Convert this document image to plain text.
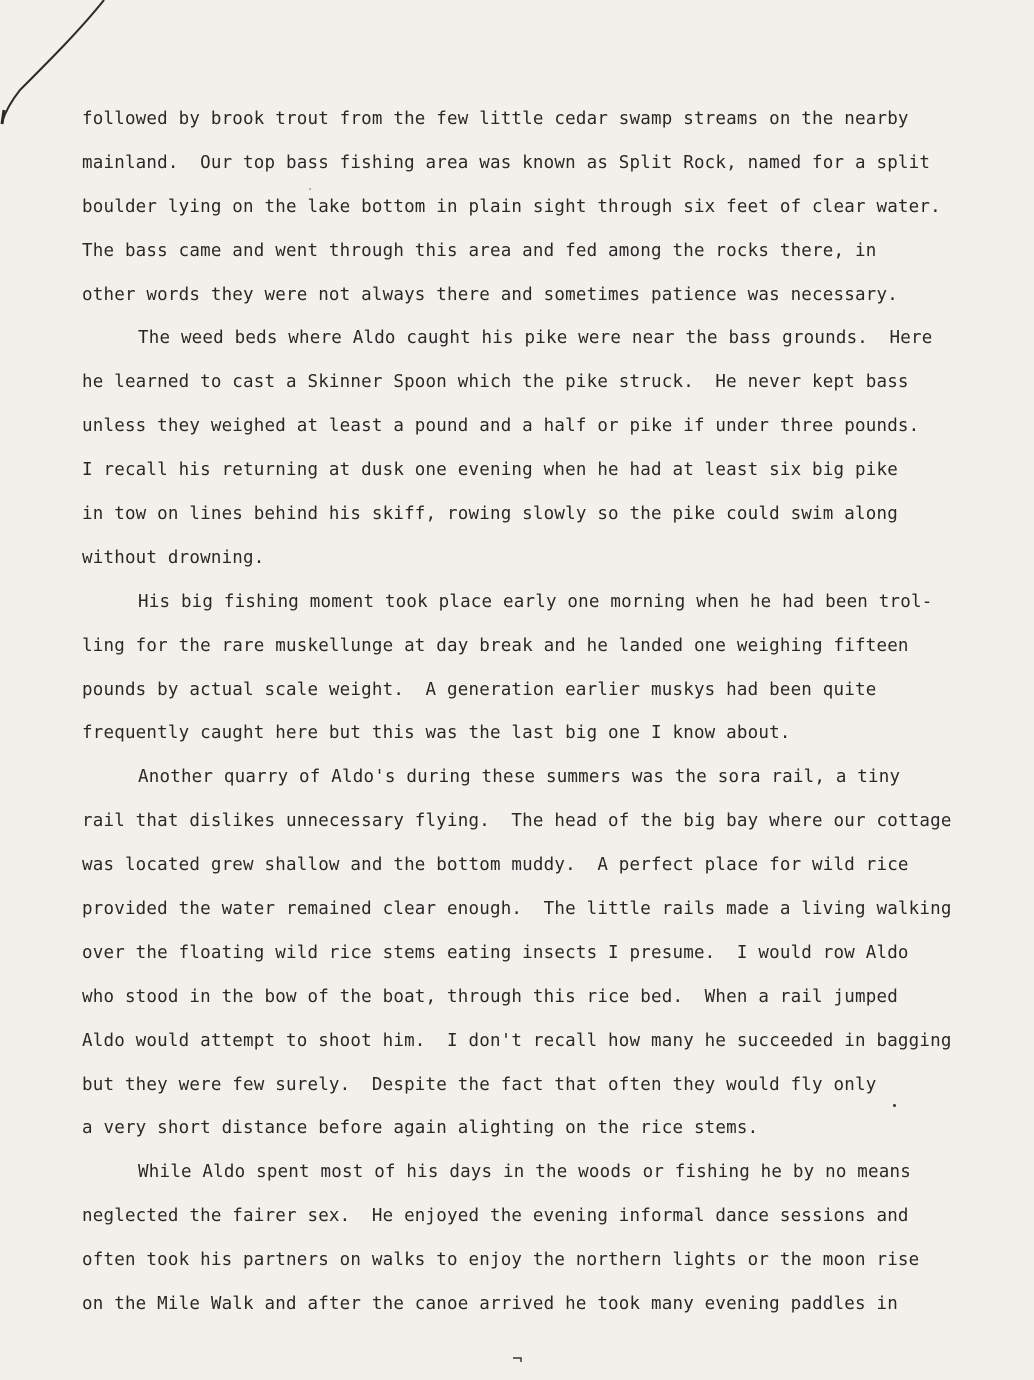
followed by brook trout from the few little cedar swamp streams on the nearby
mainland.  Our top bass fishing area was known as Split Rock, named for a split
boulder lying on the lake bottom in plain sight through six feet of clear water.
The bass came and went through this area and fed among the rocks there, in
other words they were not always there and sometimes patience was necessary.
The weed beds where Aldo caught his pike were near the bass grounds.  Here
he learned to cast a Skinner Spoon which the pike struck.  He never kept bass
unless they weighed at least a pound and a half or pike if under three pounds.
I recall his returning at dusk one evening when he had at least six big pike
in tow on lines behind his skiff, rowing slowly so the pike could swim along
without drowning.
His big fishing moment took place early one morning when he had been trol-
ling for the rare muskellunge at day break and he landed one weighing fifteen
pounds by actual scale weight.  A generation earlier muskys had been quite
frequently caught here but this was the last big one I know about.
Another quarry of Aldo's during these summers was the sora rail, a tiny
rail that dislikes unnecessary flying.  The head of the big bay where our cottage
was located grew shallow and the bottom muddy.  A perfect place for wild rice
provided the water remained clear enough.  The little rails made a living walking
over the floating wild rice stems eating insects I presume.  I would row Aldo
who stood in the bow of the boat, through this rice bed.  When a rail jumped
Aldo would attempt to shoot him.  I don't recall how many he succeeded in bagging
but they were few surely.  Despite the fact that often they would fly only
a very short distance before again alighting on the rice stems.
While Aldo spent most of his days in the woods or fishing he by no means
neglected the fairer sex.  He enjoyed the evening informal dance sessions and
often took his partners on walks to enjoy the northern lights or the moon rise
on the Mile Walk and after the canoe arrived he took many evening paddles in
